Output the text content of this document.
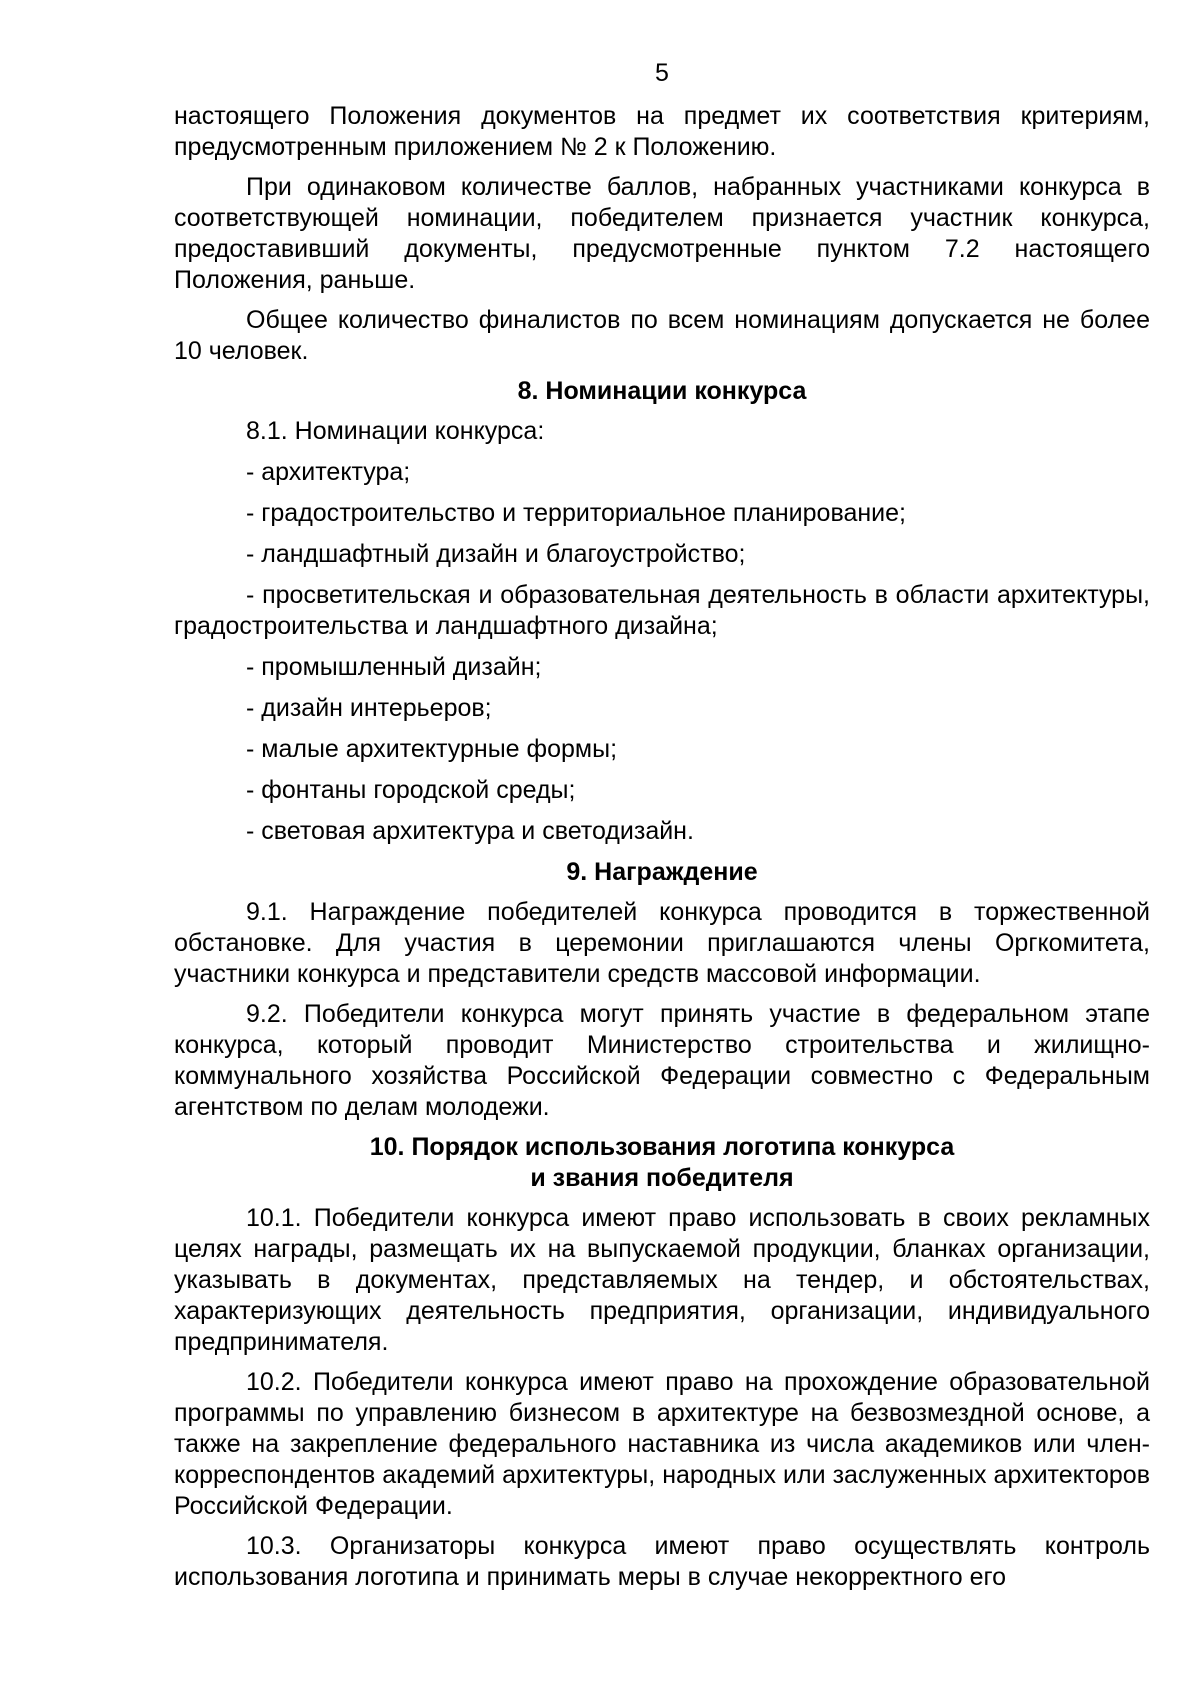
5

настоящего Положения документов на предмет их соответствия критериям, предусмотренным приложением № 2 к Положению.

При одинаковом количестве баллов, набранных участниками конкурса в соответствующей номинации, победителем признается участник конкурса, предоставивший документы, предусмотренные пунктом 7.2 настоящего Положения, раньше.

Общее количество финалистов по всем номинациям допускается не более 10 человек.

8. Номинации конкурса

8.1. Номинации конкурса:

- архитектура;

- градостроительство и территориальное планирование;

- ландшафтный дизайн и благоустройство;

- просветительская и образовательная деятельность в области архитектуры, градостроительства и ландшафтного дизайна;

- промышленный дизайн;

- дизайн интерьеров;

- малые архитектурные формы;

- фонтаны городской среды;

- световая архитектура и светодизайн.

9. Награждение

9.1. Награждение победителей конкурса проводится в торжественной обстановке. Для участия в церемонии приглашаются члены Оргкомитета, участники конкурса и представители средств массовой информации.

9.2. Победители конкурса могут принять участие в федеральном этапе конкурса, который проводит Министерство строительства и жилищно-коммунального хозяйства Российской Федерации совместно с Федеральным агентством по делам молодежи.

10. Порядок использования логотипа конкурса
и звания победителя

10.1. Победители конкурса имеют право использовать в своих рекламных целях награды, размещать их на выпускаемой продукции, бланках организации, указывать в документах, представляемых на тендер, и обстоятельствах, характеризующих деятельность предприятия, организации, индивидуального предпринимателя.

10.2. Победители конкурса имеют право на прохождение образовательной программы по управлению бизнесом в архитектуре на безвозмездной основе, а также на закрепление федерального наставника из числа академиков или член-корреспондентов академий архитектуры, народных или заслуженных архитекторов Российской Федерации.

10.3. Организаторы конкурса имеют право осуществлять контроль использования логотипа и принимать меры в случае некорректного его
